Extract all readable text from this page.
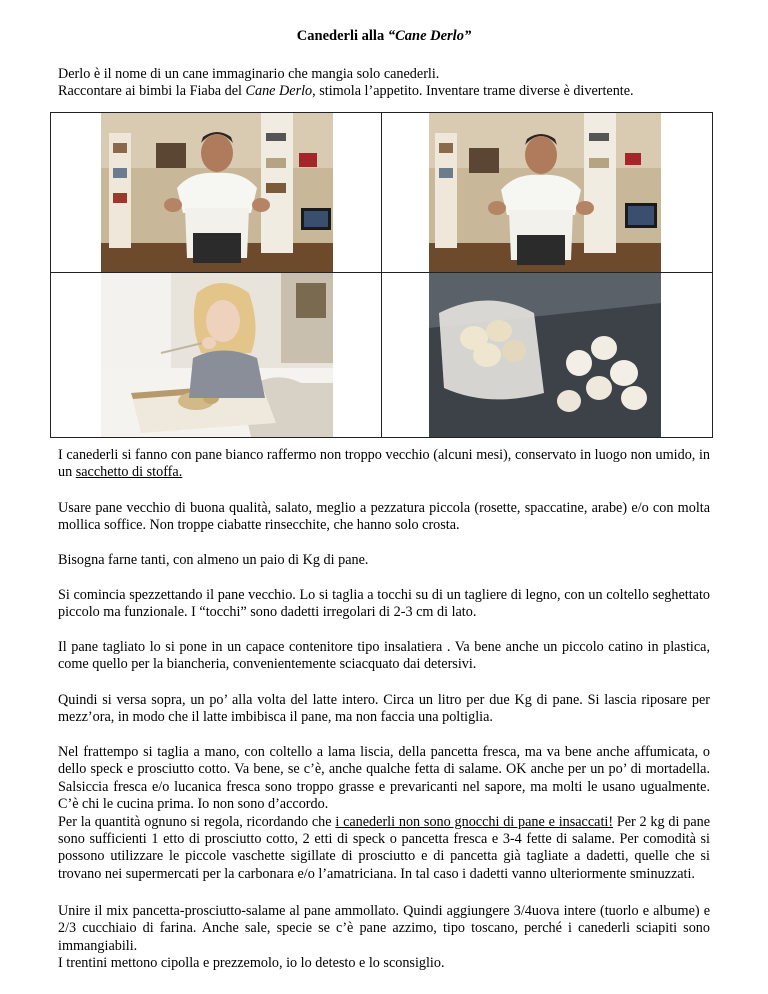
Canederli alla “Cane Derlo”

Derlo è il nome di un cane immaginario che mangia solo canederli.
Raccontare ai bimbi la Fiaba del Cane Derlo, stimola l’appetito. Inventare trame diverse è divertente.

I canederli si fanno con pane bianco raffermo non troppo vecchio (alcuni mesi), conservato in luogo non umido, in un sacchetto di stoffa.

Usare pane vecchio di buona qualità, salato, meglio a pezzatura piccola (rosette, spaccatine, arabe) e/o con molta mollica soffice. Non troppe ciabatte rinsecchite, che hanno solo crosta.

Bisogna farne tanti, con almeno un paio di Kg di pane.

Si comincia spezzettando il pane vecchio. Lo si taglia a tocchi su di un tagliere di legno, con un coltello seghettato piccolo ma funzionale. I “tocchi” sono dadetti irregolari di 2-3 cm di lato.

Il pane tagliato lo si pone in un capace contenitore tipo insalatiera . Va bene anche un piccolo catino in plastica, come quello per la biancheria, convenientemente sciacquato dai detersivi.

Quindi si versa sopra, un po’ alla volta del latte intero. Circa un litro per due Kg di pane. Si lascia riposare per mezz’ora, in modo che il latte imbibisca il pane, ma non faccia una poltiglia.

Nel frattempo si taglia a mano, con coltello a lama liscia, della pancetta fresca, ma va bene anche affumicata, o dello speck e prosciutto cotto. Va bene, se c’è, anche qualche fetta di salame. OK anche per un po’ di mortadella. Salsiccia fresca e/o lucanica fresca sono troppo grasse e prevaricanti nel sapore, ma molti le usano ugualmente. C’è chi le cucina prima. Io non sono d’accordo.
Per la quantità ognuno si regola, ricordando che i canederli non sono gnocchi di pane e insaccati! Per 2 kg di pane sono sufficienti 1 etto di prosciutto cotto, 2 etti di speck o pancetta fresca e 3-4 fette di salame. Per comodità si possono utilizzare le piccole vaschette sigillate di prosciutto e di pancetta già tagliate a dadetti, quelle che si trovano nei supermercati per la carbonara e/o l’amatriciana. In tal caso i dadetti vanno ulteriormente sminuzzati.

Unire il mix pancetta-prosciutto-salame al pane ammollato. Quindi aggiungere 3/4uova intere (tuorlo e albume) e 2/3 cucchiaio di farina. Anche sale, specie se c’è pane azzimo, tipo toscano, perché i canederli sciapiti sono immangiabili.
I trentini mettono cipolla e prezzemolo, io lo detesto e lo sconsiglio.
